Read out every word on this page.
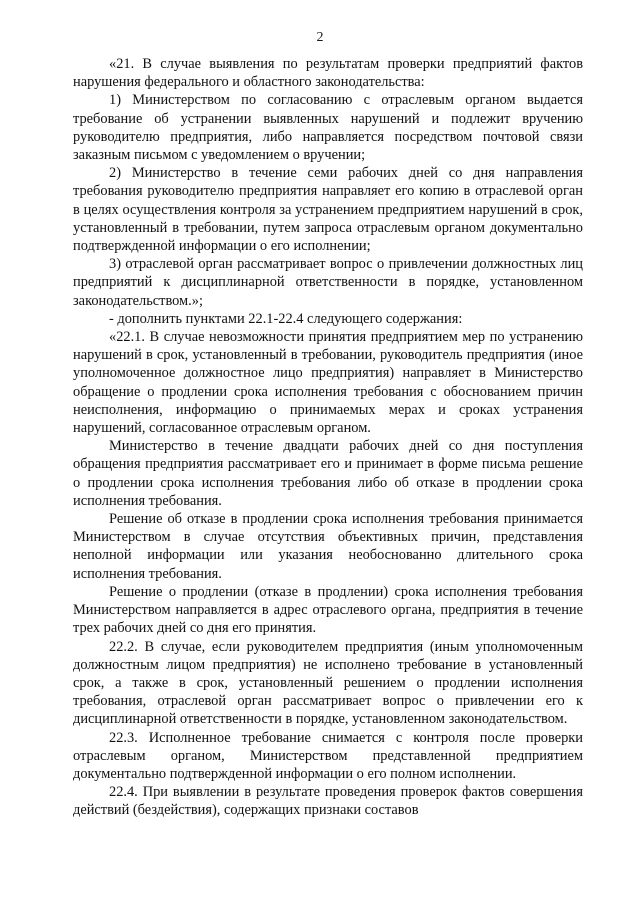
2

«21. В случае выявления по результатам проверки предприятий фактов нарушения федерального и областного законодательства:

1) Министерством по согласованию с отраслевым органом выдается требование об устранении выявленных нарушений и подлежит вручению руководителю предприятия, либо направляется посредством почтовой связи заказным письмом с уведомлением о вручении;

2) Министерство в течение семи рабочих дней со дня направления требования руководителю предприятия направляет его копию в отраслевой орган в целях осуществления контроля за устранением предприятием нарушений в срок, установленный в требовании, путем запроса отраслевым органом документально подтвержденной информации о его исполнении;

3) отраслевой орган рассматривает вопрос о привлечении должностных лиц предприятий к дисциплинарной ответственности в порядке, установленном законодательством.»;

- дополнить пунктами 22.1-22.4 следующего содержания:

«22.1. В случае невозможности принятия предприятием мер по устранению нарушений в срок, установленный в требовании, руководитель предприятия (иное уполномоченное должностное лицо предприятия) направляет в Министерство обращение о продлении срока исполнения требования с обоснованием причин неисполнения, информацию о принимаемых мерах и сроках устранения нарушений, согласованное отраслевым органом.

Министерство в течение двадцати рабочих дней со дня поступления обращения предприятия рассматривает его и принимает в форме письма решение о продлении срока исполнения требования либо об отказе в продлении срока исполнения требования.

Решение об отказе в продлении срока исполнения требования принимается Министерством в случае отсутствия объективных причин, представления неполной информации или указания необоснованно длительного срока исполнения требования.

Решение о продлении (отказе в продлении) срока исполнения требования Министерством направляется в адрес отраслевого органа, предприятия в течение трех рабочих дней со дня его принятия.

22.2. В случае, если руководителем предприятия (иным уполномоченным должностным лицом предприятия) не исполнено требование в установленный срок, а также в срок, установленный решением о продлении исполнения требования, отраслевой орган рассматривает вопрос о привлечении его к дисциплинарной ответственности в порядке, установленном законодательством.

22.3. Исполненное требование снимается с контроля после проверки отраслевым органом, Министерством представленной предприятием документально подтвержденной информации о его полном исполнении.

22.4. При выявлении в результате проведения проверок фактов совершения действий (бездействия), содержащих признаки составов
